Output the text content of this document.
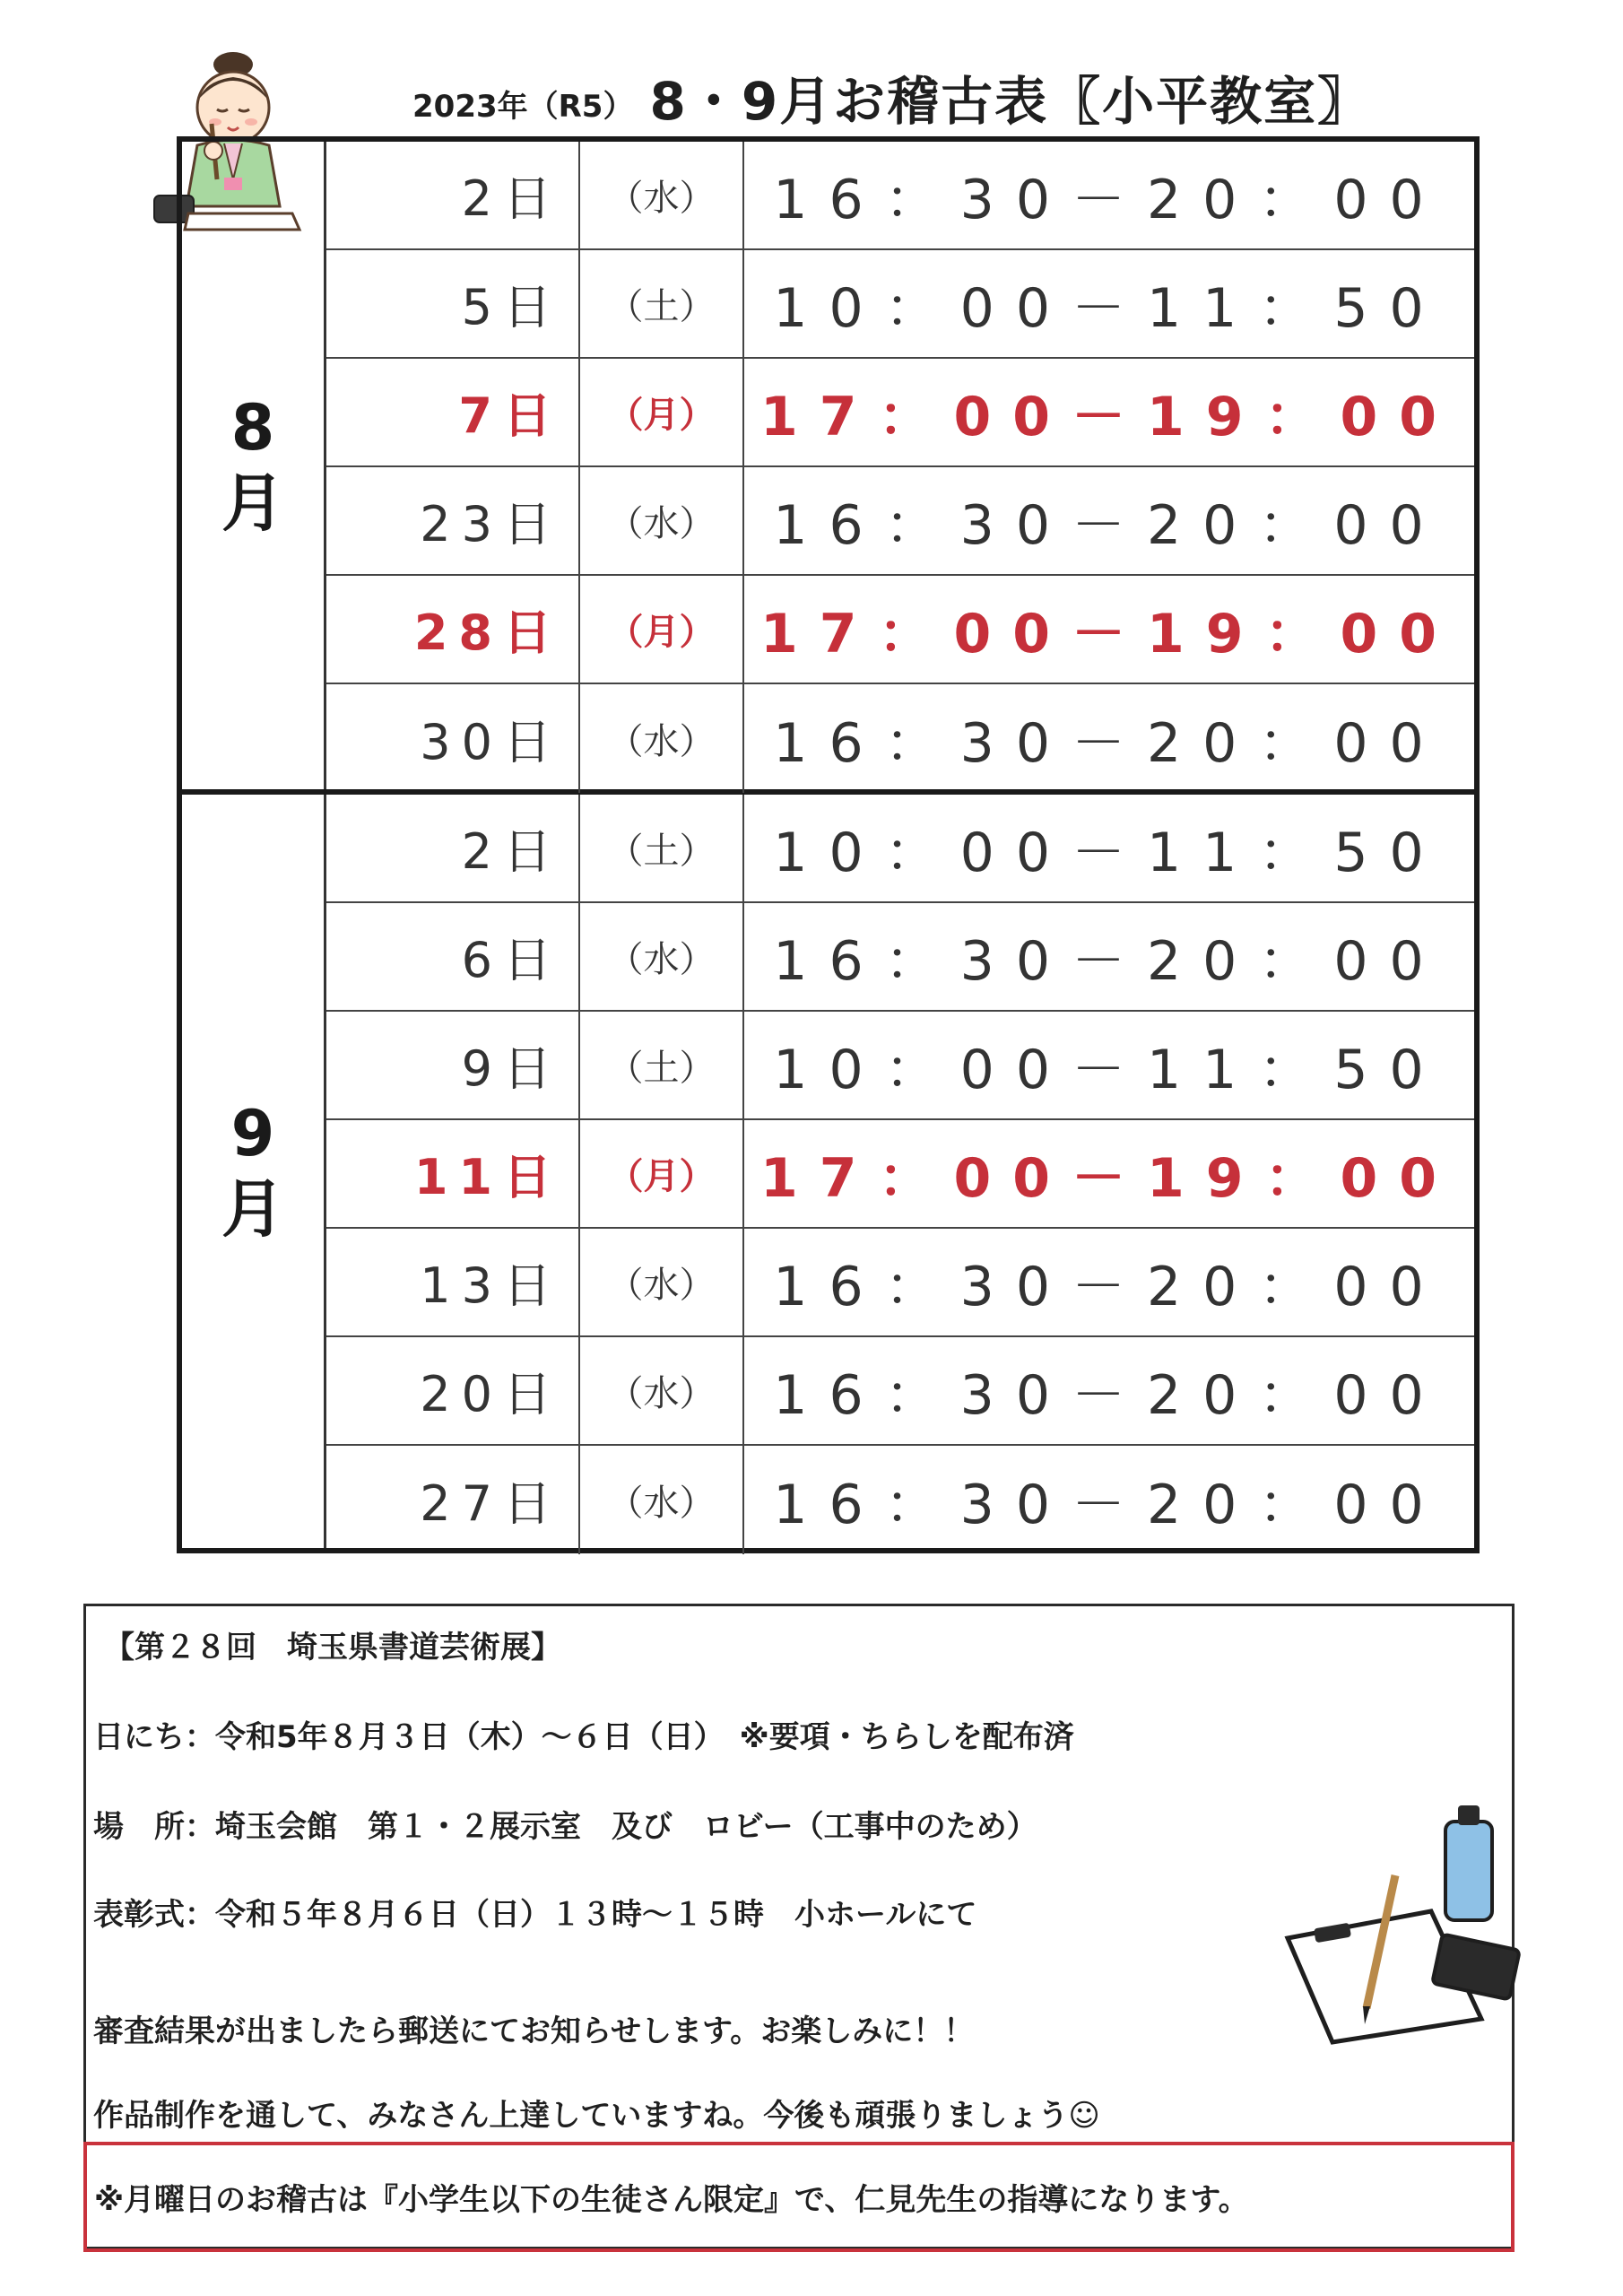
2023年（R5） 8・9月お稽古表〖小平教室〗
8
月
2日	（水）	16：30－20：00
5日	（土）	10：00－11：50
7日	（月） 17：00－19：00
23日	（水）	16：30－20：00
28日	（月） 17：00－19：00
30日	（水）	16：30－20：00
9
月
2日	（土）	10：00－11：50
6日	（水）	16：30－20：00
9日	（土）	10：00－11：50
11日	（月） 17：00－19：00
13日	（水）	16：30－20：00
20日	（水）	16：30－20：00
27日	（水）	16：30－20：00
【第２８回　埼玉県書道芸術展】
日にち：令和5年８月３日（木）～６日（日）　※要項・ちらしを配布済
場　所：埼玉会館　第１・２展示室　及び　ロビー（工事中のため）
表彰式：令和５年８月６日（日）１３時～１５時　小ホールにて
審査結果が出ましたら郵送にてお知らせします。お楽しみに！！
作品制作を通して、みなさん上達していますね。今後も頑張りましょう☺
※月曜日のお稽古は『小学生以下の生徒さん限定』で、仁見先生の指導になります。
